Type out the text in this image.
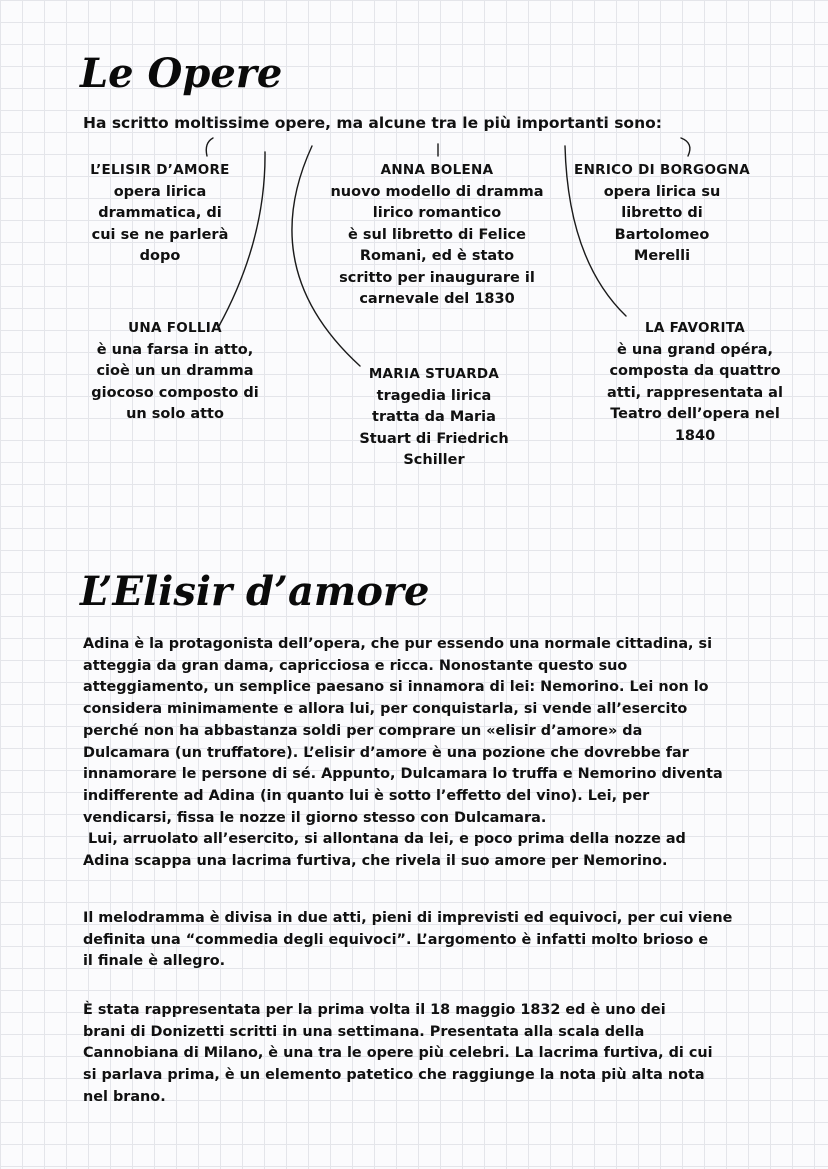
Le Opere

Ha scritto moltissime opere, ma alcune tra le più importanti sono:

L’ELISIR D’AMORE
opera lirica
drammatica, di
cui se ne parlerà
dopo
ANNA BOLENA
nuovo modello di dramma
lirico romantico
è sul libretto di Felice
Romani, ed è stato
scritto per inaugurare il
carnevale del 1830
ENRICO DI BORGOGNA
opera lirica su
libretto di
Bartolomeo
Merelli
UNA FOLLIA
è una farsa in atto,
cioè un un dramma
giocoso composto di
un solo atto
MARIA STUARDA
tragedia lirica
tratta da Maria
Stuart di Friedrich
Schiller
LA FAVORITA
è una grand opéra,
composta da quattro
atti, rappresentata al
Teatro dell’opera nel
1840
L’Elisir d’amore
Adina è la protagonista dell’opera, che pur essendo una normale cittadina, si
atteggia da gran dama, capricciosa e ricca. Nonostante questo suo
atteggiamento, un semplice paesano si innamora di lei: Nemorino. Lei non lo
considera minimamente e allora lui, per conquistarla, si vende all’esercito
perché non ha abbastanza soldi per comprare un «elisir d’amore» da
Dulcamara (un truffatore). L’elisir d’amore è una pozione che dovrebbe far
innamorare le persone di sé. Appunto, Dulcamara lo truffa e Nemorino diventa
indifferente ad Adina (in quanto lui è sotto l’effetto del vino). Lei, per
vendicarsi, fissa le nozze il giorno stesso con Dulcamara.
Lui, arruolato all’esercito, si allontana da lei, e poco prima della nozze ad
Adina scappa una lacrima furtiva, che rivela il suo amore per Nemorino.
Il melodramma è divisa in due atti, pieni di imprevisti ed equivoci, per cui viene
definita una “commedia degli equivoci”. L’argomento è infatti molto brioso e
il finale è allegro.
È stata rappresentata per la prima volta il 18 maggio 1832 ed è uno dei
brani di Donizetti scritti in una settimana. Presentata alla scala della
Cannobiana di Milano, è una tra le opere più celebri. La lacrima furtiva, di cui
si parlava prima, è un elemento patetico che raggiunge la nota più alta nota
nel brano.
